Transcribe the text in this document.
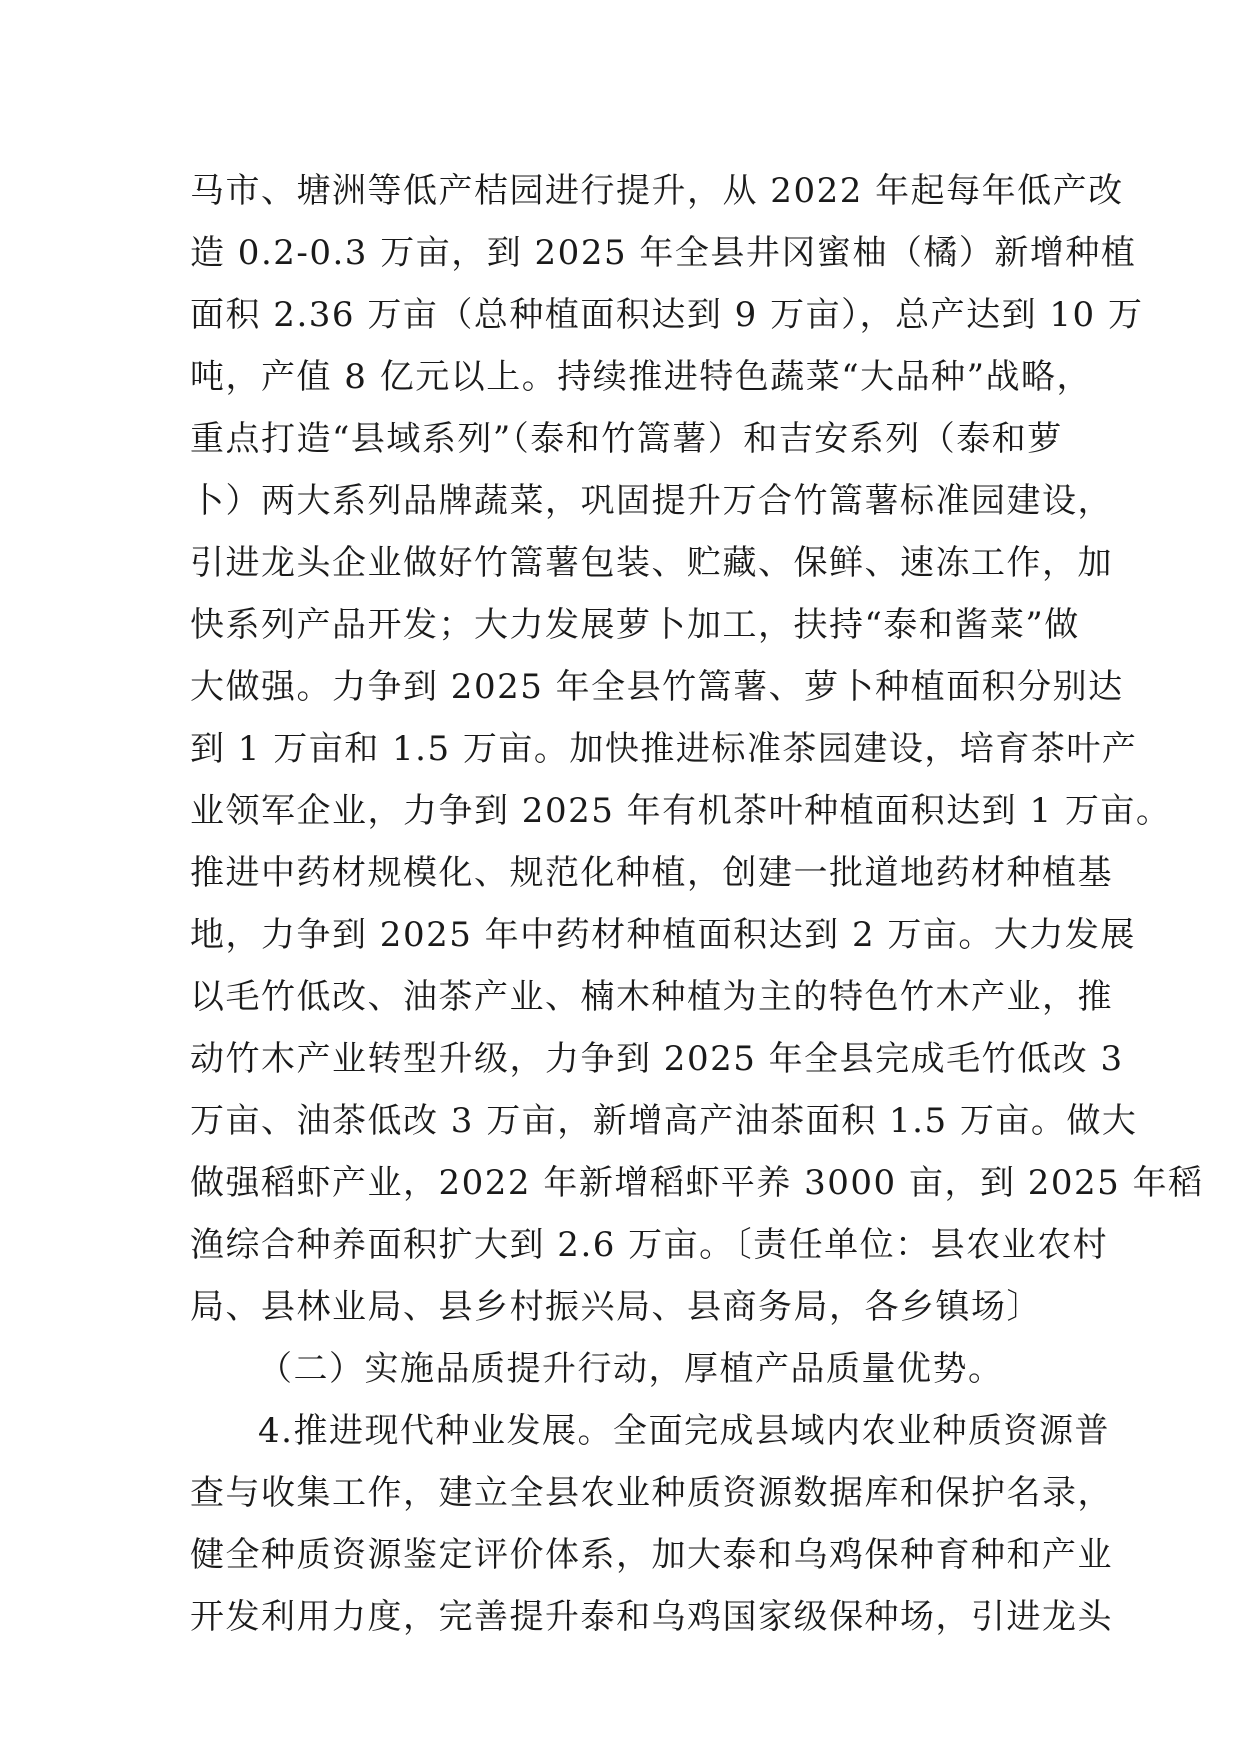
马市、塘洲等低产桔园进行提升，从 2022 年起每年低产改
造 0.2-0.3 万亩，到 2025 年全县井冈蜜柚（橘）新增种植
面积 2.36 万亩（总种植面积达到 9 万亩），总产达到 10 万
吨，产值 8 亿元以上。持续推进特色蔬菜“大品种”战略，
重点打造“县域系列”（泰和竹篙薯）和吉安系列（泰和萝
卜）两大系列品牌蔬菜，巩固提升万合竹篙薯标准园建设，
引进龙头企业做好竹篙薯包装、贮藏、保鲜、速冻工作，加
快系列产品开发；大力发展萝卜加工，扶持“泰和酱菜”做
大做强。力争到 2025 年全县竹篙薯、萝卜种植面积分别达
到 1 万亩和 1.5 万亩。加快推进标准茶园建设，培育茶叶产
业领军企业，力争到 2025 年有机茶叶种植面积达到 1 万亩。
推进中药材规模化、规范化种植，创建一批道地药材种植基
地，力争到 2025 年中药材种植面积达到 2 万亩。大力发展
以毛竹低改、油茶产业、楠木种植为主的特色竹木产业，推
动竹木产业转型升级，力争到 2025 年全县完成毛竹低改 3
万亩、油茶低改 3 万亩，新增高产油茶面积 1.5 万亩。做大
做强稻虾产业，2022 年新增稻虾平养 3000 亩，到 2025 年稻
渔综合种养面积扩大到 2.6 万亩。〔责任单位：县农业农村
局、县林业局、县乡村振兴局、县商务局，各乡镇场〕
（二）实施品质提升行动，厚植产品质量优势。
4.推进现代种业发展。全面完成县域内农业种质资源普
查与收集工作，建立全县农业种质资源数据库和保护名录，
健全种质资源鉴定评价体系，加大泰和乌鸡保种育种和产业
开发利用力度，完善提升泰和乌鸡国家级保种场，引进龙头
